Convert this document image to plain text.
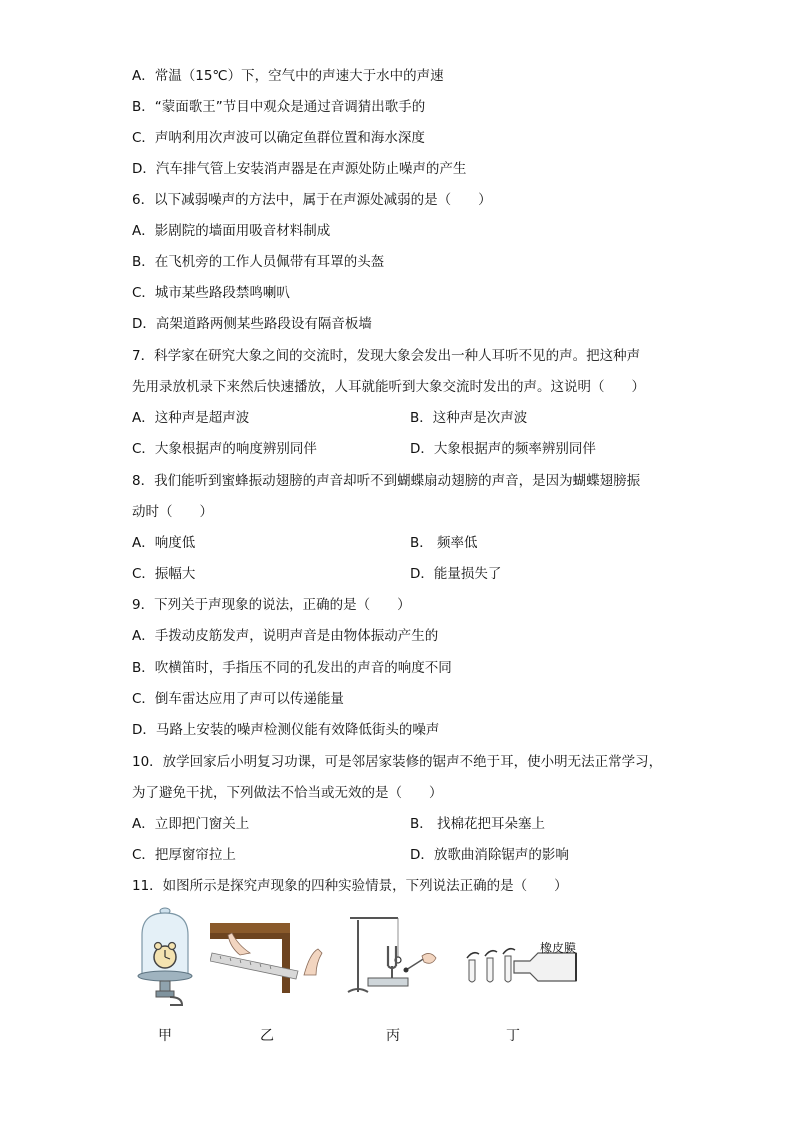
A．常温（15℃）下，空气中的声速大于水中的声速
B．“蒙面歌王”节目中观众是通过音调猜出歌手的
C．声呐利用次声波可以确定鱼群位置和海水深度
D．汽车排气管上安装消声器是在声源处防止噪声的产生
6．以下减弱噪声的方法中，属于在声源处减弱的是（　　）
A．影剧院的墙面用吸音材料制成
B．在飞机旁的工作人员佩带有耳罩的头盔
C．城市某些路段禁鸣喇叭
D．高架道路两侧某些路段设有隔音板墙
7．科学家在研究大象之间的交流时，发现大象会发出一种人耳听不见的声。把这种声
先用录放机录下来然后快速播放，人耳就能听到大象交流时发出的声。这说明（　　）
A．这种声是超声波	B．这种声是次声波
C．大象根据声的响度辨别同伴	D．大象根据声的频率辨别同伴
8．我们能听到蜜蜂振动翅膀的声音却听不到蝴蝶扇动翅膀的声音，是因为蝴蝶翅膀振
动时（　　）
A．响度低	B． 频率低
C．振幅大	D．能量损失了
9．下列关于声现象的说法，正确的是（　　）
A．手拨动皮筋发声，说明声音是由物体振动产生的
B．吹横笛时，手指压不同的孔发出的声音的响度不同
C．倒车雷达应用了声可以传递能量
D．马路上安装的噪声检测仪能有效降低街头的噪声
10．放学回家后小明复习功课，可是邻居家装修的锯声不绝于耳，使小明无法正常学习，
为了避免干扰，下列做法不恰当或无效的是（　　）
A．立即把门窗关上	B． 找棉花把耳朵塞上
C．把厚窗帘拉上	D．放歌曲消除锯声的影响
11．如图所示是探究声现象的四种实验情景，下列说法正确的是（　　）
橡皮膜
甲	乙	丙	丁
